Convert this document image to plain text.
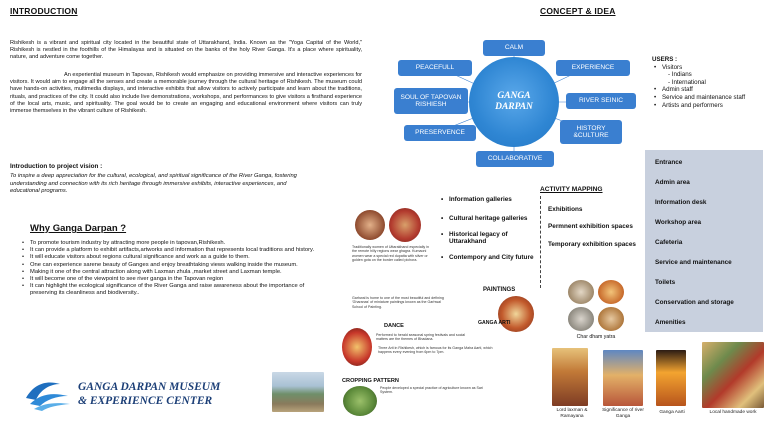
INTRODUCTION
Rishikesh is a vibrant and spiritual city located in the beautiful state of Uttarakhand, India. Known as the "Yoga Capital of the World," Rishikesh is nestled in the foothills of the Himalayas and is situated on the banks of the holy River Ganga. It's a place where spirituality, nature, and adventure come together.
An experiential museum in Tapovan, Rishikesh would emphasize on providing immersive and interactive experiences for visitors. It would aim to engage all the senses and create a memorable journey through the cultural heritage of Rishikesh. The museum could have hands-on activities, multimedia displays, and interactive exhibits that allow visitors to actively participate and learn about the traditions, rituals, and practices of the city. It could also include live demonstrations, workshops, and performances to give visitors a firsthand experience of the local arts, music, and spirituality. The goal would be to create an engaging and educational environment where visitors can truly immerse themselves in the vibrant culture of Rishikesh.
Introduction to project vision :
To inspire a deep appreciation for the cultural, ecological, and spiritual significance of the River Ganga, fostering understanding and connection with its rich heritage through immersive exhibits, interactive experiences, and educational programs.
Why Ganga Darpan ?
• To promote tourism industry by attracting more people in tapovan,Rishikesh.
• It can provide a platform to exhibit artifacts,artworks and information that represents local traditions and history.
• It will educate visitors about regions cultural significance and work as a guide to them.
• One can experience sarene beauty of Ganges and enjoy breathtaking views walking inside the museum.
• Making it one of the central attraction along with Laxman zhula ,market street and Laxman temple.
• It will become one of the viewpoint to see river ganga in the Tapovan region
• It can highlight the ecological significance of the River Ganga and raise awareness about the importance of preserving its cleanliness and biodiversity..
GANGA DARPAN MUSEUM
& EXPERIENCE CENTER
CONCEPT & IDEA
CALM
PEACEFULL	EXPERIENCE
SOUL OF TAPOVAN RISHIESH
RIVER SEINIC
PRESERVENCE
HISTORY &CULTURE
COLLABORATIVE
GANGA
DARPAN
USERS :
• Visitors
- Indians
- International
• Admin staff
• Service and maintenance staff
• Artists and performers
Entrance
Admin area
Information desk
Workshop area
Cafeteria
Service and maintenance
Toilets
Conservation and storage
Amenities
ACTIVITY MAPPING
• Information galleries
• Cultural heritage galleries
• Historical legacy of Uttarakhand
• Contempory and City future
Exhibitions
Permnent exhibition spaces
Temporary exhibition spaces
Traditionally women of Uttarakhand especially in the remote hilly regions wear ghagra. Kumaoni women wear a special red dupatta with silver or golden gota on the border called pichora.
Garhwal is home to one of the most beautiful and defining 'Gharanas' of miniature paintings known as the Garhwal School of Painting.
PAINTINGS
DANCE
Performed to herald seasonal spring festivals and social matters are the themes of Bhadana.
GANGA ARTI
Three Arti in Rishikesh, which is famous for its Ganga Maha Aarti, which happens every evening from 6pm to 7pm.
CROPPING PATTERN
People developed a special practice of agriculture known as Sari System.
Char dham yatra
Lord laxman & Ramayana
Significance of river Ganga
Ganga Aarti	Local handmade work
